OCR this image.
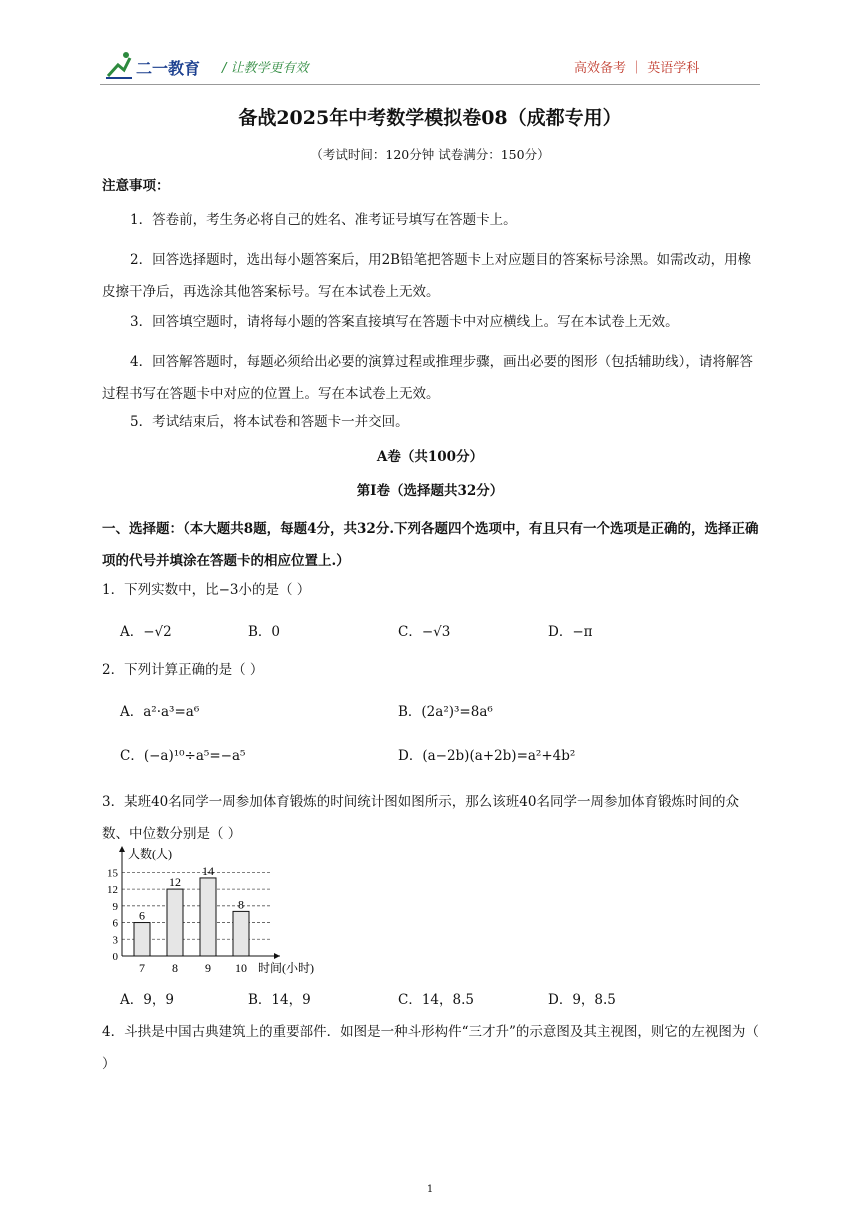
二一教育 / 让教学更有效	高效备考 ｜ 英语学科
备战2025年中考数学模拟卷08（成都专用）
（考试时间：120分钟 试卷满分：150分）
注意事项：
1．答卷前，考生务必将自己的姓名、准考证号填写在答题卡上。
2．回答选择题时，选出每小题答案后，用2B铅笔把答题卡上对应题目的答案标号涂黑。如需改动，用橡皮擦干净后，再选涂其他答案标号。写在本试卷上无效。
3．回答填空题时，请将每小题的答案直接填写在答题卡中对应横线上。写在本试卷上无效。
4．回答解答题时，每题必须给出必要的演算过程或推理步骤，画出必要的图形（包括辅助线），请将解答过程书写在答题卡中对应的位置上。写在本试卷上无效。
5．考试结束后，将本试卷和答题卡一并交回。
A卷（共100分）
第Ⅰ卷（选择题共32分）
一、选择题：（本大题共8题，每题4分，共32分.下列各题四个选项中，有且只有一个选项是正确的，选择正确项的代号并填涂在答题卡的相应位置上.）
1．下列实数中，比−3小的是（ ）
A．−√2	B．0	C．−√3	D．−π
2．下列计算正确的是（ ）
A．a²·a³=a⁶	B．(2a²)³=8a⁶
C．(−a)¹⁰÷a⁵=−a⁵	D．(a−2b)(a+2b)=a²+4b²
3．某班40名同学一周参加体育锻炼的时间统计图如图所示，那么该班40名同学一周参加体育锻炼时间的众数、中位数分别是（ ）
0
3
6
9
12
15
人数(人)
时间(小时)
6
7
12
8
14
9
8
10
A．9，9	B．14，9	C．14，8.5	D．9，8.5
4．斗拱是中国古典建筑上的重要部件．如图是一种斗形构件“三才升”的示意图及其主视图，则它的左视图为（ ）
1
